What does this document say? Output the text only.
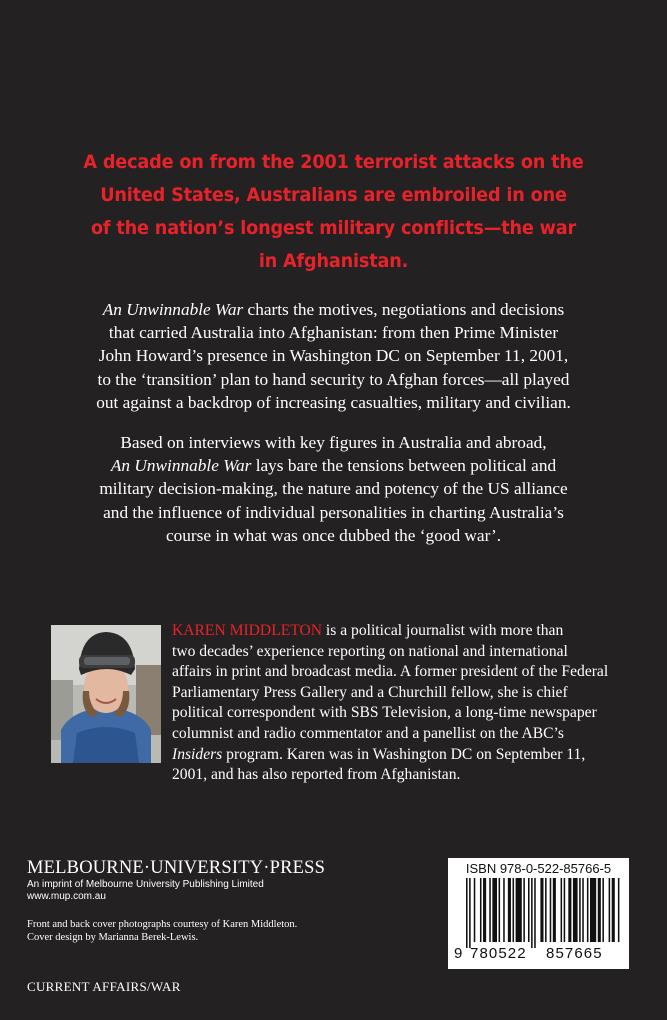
A decade on from the 2001 terrorist attacks on the
United States, Australians are embroiled in one
of the nation’s longest military conflicts—the war
in Afghanistan.
An Unwinnable War charts the motives, negotiations and decisions
that carried Australia into Afghanistan: from then Prime Minister
John Howard’s presence in Washington DC on September 11, 2001,
to the ‘transition’ plan to hand security to Afghan forces—all played
out against a backdrop of increasing casualties, military and civilian.
Based on interviews with key figures in Australia and abroad,
An Unwinnable War lays bare the tensions between political and
military decision-making, the nature and potency of the US alliance
and the influence of individual personalities in charting Australia’s
course in what was once dubbed the ‘good war’.
KAREN MIDDLETON is a political journalist with more than
two decades’ experience reporting on national and international
affairs in print and broadcast media. A former president of the Federal
Parliamentary Press Gallery and a Churchill fellow, she is chief
political correspondent with SBS Television, a long-time newspaper
columnist and radio commentator and a panellist on the ABC’s
Insiders program. Karen was in Washington DC on September 11,
2001, and has also reported from Afghanistan.
MELBOURNE·UNIVERSITY·PRESS
An imprint of Melbourne University Publishing Limited
www.mup.com.au
Front and back cover photographs courtesy of Karen Middleton.
Cover design by Marianna Berek-Lewis.
CURRENT AFFAIRS/WAR
ISBN 978-0-522-85766-5
9 780522 857665
